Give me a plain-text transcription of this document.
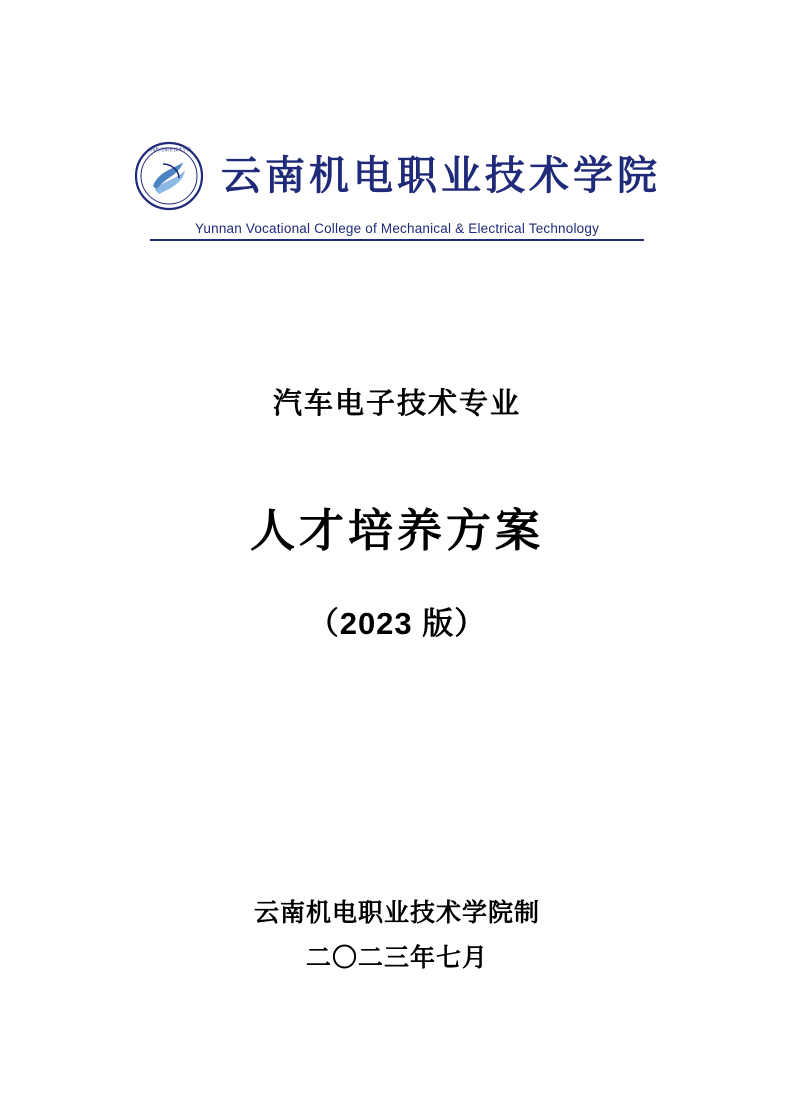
云南机电职业技术学院
云南机电职业技术学院
Yunnan Vocational College of Mechanical & Electrical Technology
汽车电子技术专业
人才培养方案
（2023 版）
云南机电职业技术学院制
二〇二三年七月
